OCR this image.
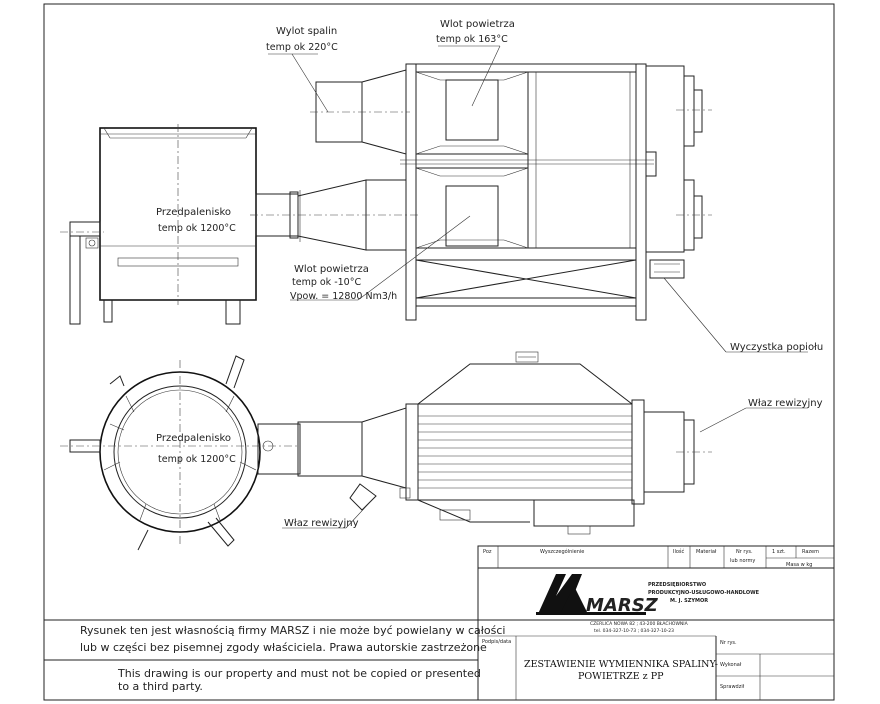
Wylot spalin
temp ok 220°C
Wlot powietrza
temp ok 163°C
Przedpalenisko
temp ok 1200°C
Wlot powietrza
temp ok -10°C
Vpow. = 12800 Nm3/h
Wyczystka popiołu
Właz rewizyjny
Przedpalenisko
temp ok 1200°C
Właz rewizyjny
Rysunek ten jest własnością firmy MARSZ i nie może być powielany w całości
lub w części bez pisemnej zgody właściciela. Prawa autorskie zastrzeżone
This drawing is our property and must not be copied or presented
to a third party.
Poz	Wyszczególnienie	Ilość Materiał	Nr rys.
lub normy
1 szt.	Razem
Masa w kg
MARSZ
PRZEDSIĘBIORSTWO
PRODUKCYJNO-USŁUGOWO-HANDLOWE
M. J. SZYMOR
CZERLICA NOWA 82 ; 43-200 BŁACHOWNIA
tel. 034-327-10-73 ; 034-327-10-23
Podpis/data
ZESTAWIENIE WYMIENNIKA SPALINY-
POWIETRZE z PP
Nr rys.
Wykonał
Sprawdził
